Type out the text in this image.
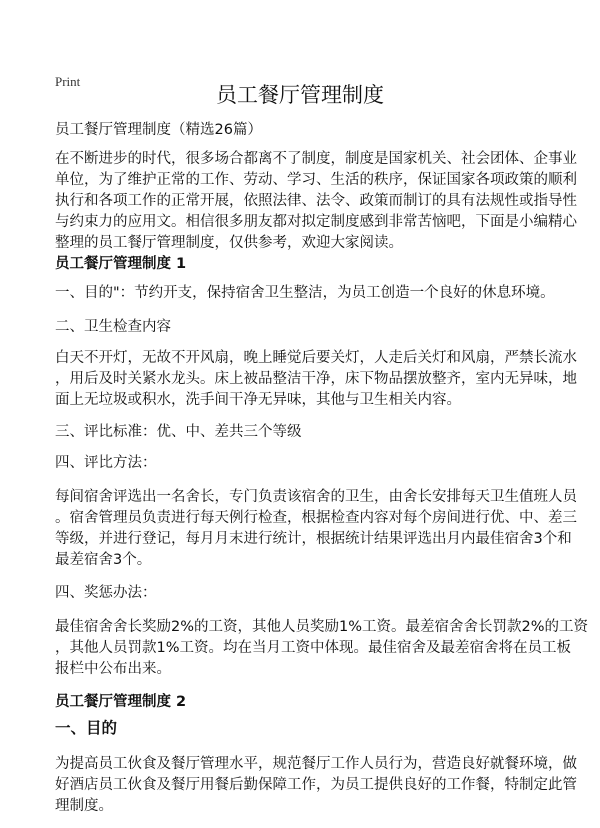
Print
员工餐厅管理制度
员工餐厅管理制度（精选26篇）
在不断进步的时代，很多场合都离不了制度，制度是国家机关、社会团体、企事业
单位，为了维护正常的工作、劳动、学习、生活的秩序，保证国家各项政策的顺利
执行和各项工作的正常开展，依照法律、法令、政策而制订的具有法规性或指导性
与约束力的应用文。相信很多朋友都对拟定制度感到非常苦恼吧，下面是小编精心
整理的员工餐厅管理制度，仅供参考，欢迎大家阅读。
员工餐厅管理制度 1
一、目的"：节约开支，保持宿舍卫生整洁，为员工创造一个良好的休息环境。
二、卫生检查内容
白天不开灯，无故不开风扇，晚上睡觉后要关灯，人走后关灯和风扇，严禁长流水
，用后及时关紧水龙头。床上被品整洁干净，床下物品摆放整齐，室内无异味，地
面上无垃圾或积水，洗手间干净无异味，其他与卫生相关内容。
三、评比标准：优、中、差共三个等级
四、评比方法：
每间宿舍评选出一名舍长，专门负责该宿舍的卫生，由舍长安排每天卫生值班人员
。宿舍管理员负责进行每天例行检查，根据检查内容对每个房间进行优、中、差三
等级，并进行登记，每月月末进行统计，根据统计结果评选出月内最佳宿舍3个和
最差宿舍3个。
四、奖惩办法：
最佳宿舍舍长奖励2%的工资，其他人员奖励1%工资。最差宿舍舍长罚款2%的工资
，其他人员罚款1%工资。均在当月工资中体现。最佳宿舍及最差宿舍将在员工板
报栏中公布出来。
员工餐厅管理制度 2
一、目的
为提高员工伙食及餐厅管理水平，规范餐厅工作人员行为，营造良好就餐环境，做
好酒店员工伙食及餐厅用餐后勤保障工作，为员工提供良好的工作餐，特制定此管
理制度。
